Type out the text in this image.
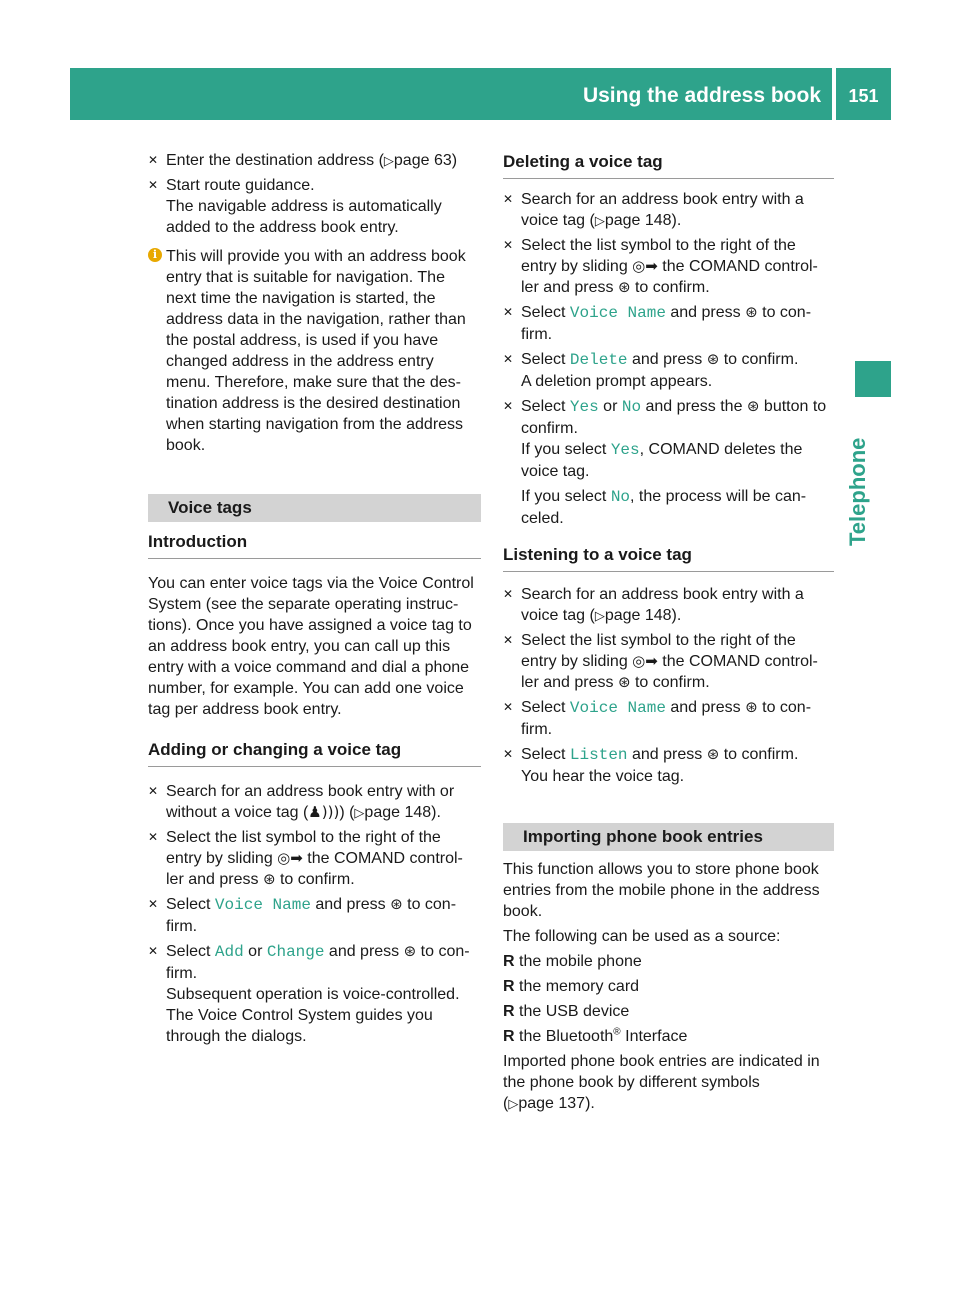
Using the address book	151
Telephone
✕ Enter the destination address (▷page 63)

✕ Start route guidance.

The navigable address is automatically

added to the address book entry.

i This will provide you with an address book

entry that is suitable for navigation. The

next time the navigation is started, the

address data in the navigation, rather than

the postal address, is used if you have

changed address in the address entry

menu. Therefore, make sure that the des-

tination address is the desired destination

when starting navigation from the address

book.

Voice tags
Introduction

You can enter voice tags via the Voice Control

System (see the separate operating instruc-

tions). Once you have assigned a voice tag to

an address book entry, you can call up this

entry with a voice command and dial a phone

number, for example. You can add one voice

tag per address book entry.

Adding or changing a voice tag
✕ Search for an address book entry with or

without a voice tag (♟)))) (▷page 148).

✕ Select the list symbol to the right of the

entry by sliding ◎➡ the COMAND control-

ler and press ⊛ to confirm.

✕ Select Voice Name and press ⊛ to con-

firm.

✕ Select Add or Change and press ⊛ to con-

firm.

Subsequent operation is voice-controlled.

The Voice Control System guides you

through the dialogs.

Deleting a voice tag
✕ Search for an address book entry with a

voice tag (▷page 148).

✕ Select the list symbol to the right of the

entry by sliding ◎➡ the COMAND control-

ler and press ⊛ to confirm.

✕ Select Voice Name and press ⊛ to con-

firm.

✕ Select Delete and press ⊛ to confirm.

A deletion prompt appears.

✕ Select Yes or No and press the ⊛ button to

confirm.

If you select Yes, COMAND deletes the

voice tag.

If you select No, the process will be can-

celed.

Listening to a voice tag
✕ Search for an address book entry with a

voice tag (▷page 148).

✕ Select the list symbol to the right of the

entry by sliding ◎➡ the COMAND control-

ler and press ⊛ to confirm.

✕ Select Voice Name and press ⊛ to con-

firm.

✕ Select Listen and press ⊛ to confirm.

You hear the voice tag.

Importing phone book entries

This function allows you to store phone book

entries from the mobile phone in the address

book.

The following can be used as a source:

R the mobile phone
R the memory card
R the USB device
R the Bluetooth® Interface

Imported phone book entries are indicated in

the phone book by different symbols

(▷page 137).
